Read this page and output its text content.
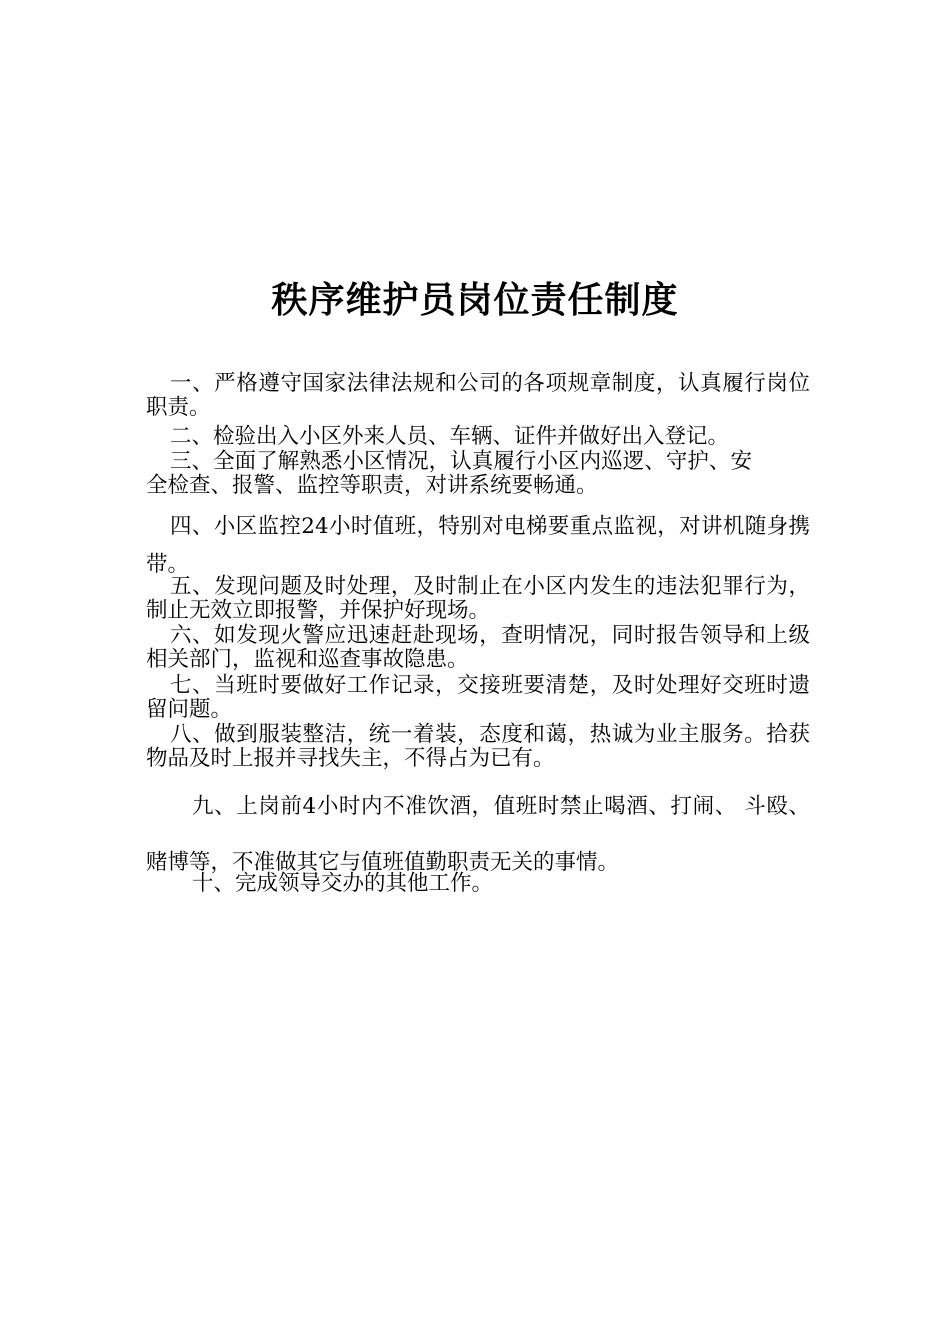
秩序维护员岗位责任制度

一、严格遵守国家法律法规和公司的各项规章制度，认真履行岗位职责。

二、检验出入小区外来人员、车辆、证件并做好出入登记。

三、全面了解熟悉小区情况，认真履行小区内巡逻、守护、安全检查、报警、监控等职责，对讲系统要畅通。

四、小区监控24小时值班，特别对电梯要重点监视，对讲机随身携带。

五、发现问题及时处理，及时制止在小区内发生的违法犯罪行为，制止无效立即报警，并保护好现场。

六、如发现火警应迅速赶赴现场，查明情况，同时报告领导和上级相关部门，监视和巡查事故隐患。

七、当班时要做好工作记录，交接班要清楚，及时处理好交班时遗留问题。

八、做到服装整洁，统一着装，态度和蔼，热诚为业主服务。拾获物品及时上报并寻找失主，不得占为已有。

九、上岗前4小时内不准饮酒，值班时禁止喝酒、打闹、 斗殴、赌博等，不准做其它与值班值勤职责无关的事情。

十、完成领导交办的其他工作。
